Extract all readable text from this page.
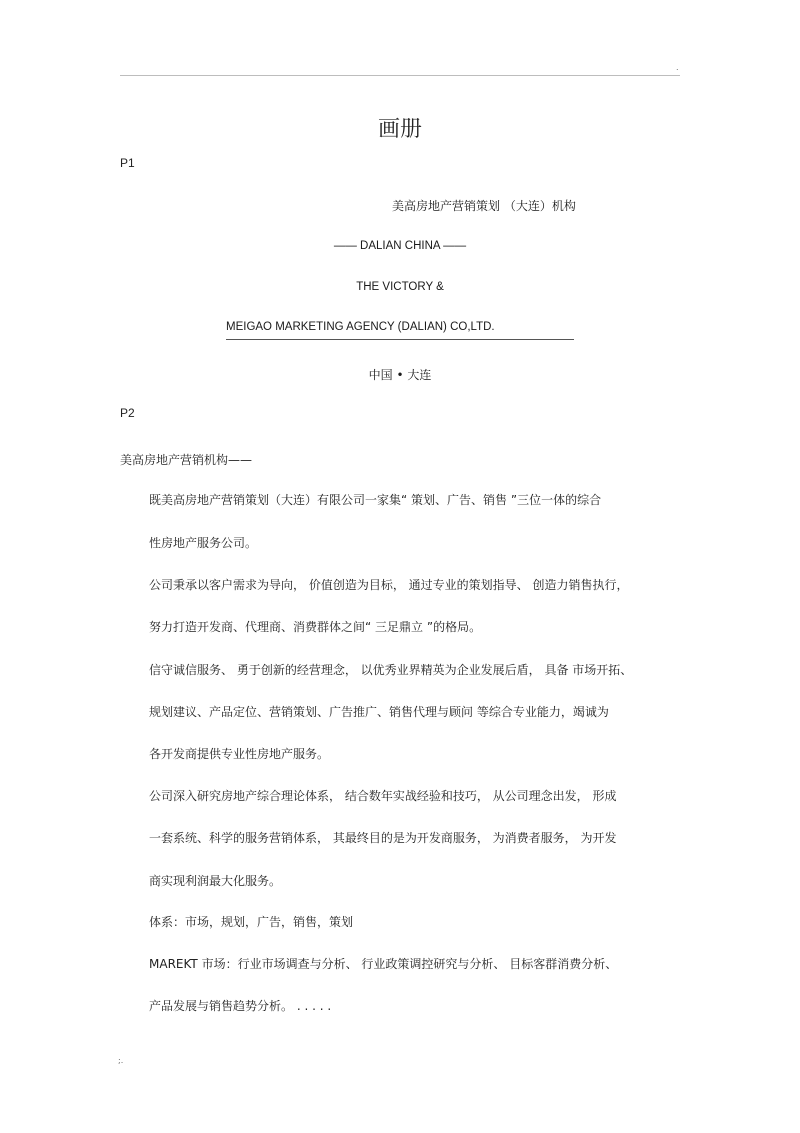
.
画册
P1
美高房地产营销策划 （大连）机构
—— DALIAN CHINA ——
THE VICTORY &
MEIGAO MARKETING AGENCY (DALIAN) CO,LTD.
中国 • 大连
P2
美高房地产营销机构——
既美高房地产营销策划（大连）有限公司一家集“ 策划、广告、销售 ”三位一体的综合
性房地产服务公司。
公司秉承以客户需求为导向， 价值创造为目标， 通过专业的策划指导、 创造力销售执行，
努力打造开发商、代理商、消费群体之间“ 三足鼎立 ”的格局。
信守诚信服务、 勇于创新的经营理念， 以优秀业界精英为企业发展后盾， 具备 市场开拓、
规划建议、产品定位、营销策划、广告推广、销售代理与顾问 等综合专业能力，竭诚为
各开发商提供专业性房地产服务。
公司深入研究房地产综合理论体系， 结合数年实战经验和技巧， 从公司理念出发， 形成
一套系统、科学的服务营销体系， 其最终目的是为开发商服务， 为消费者服务， 为开发
商实现利润最大化服务。
体系：市场，规划，广告，销售，策划
MAREKT 市场：行业市场调查与分析、 行业政策调控研究与分析、 目标客群消费分析、
产品发展与销售趋势分析。 . . . . .
;.
